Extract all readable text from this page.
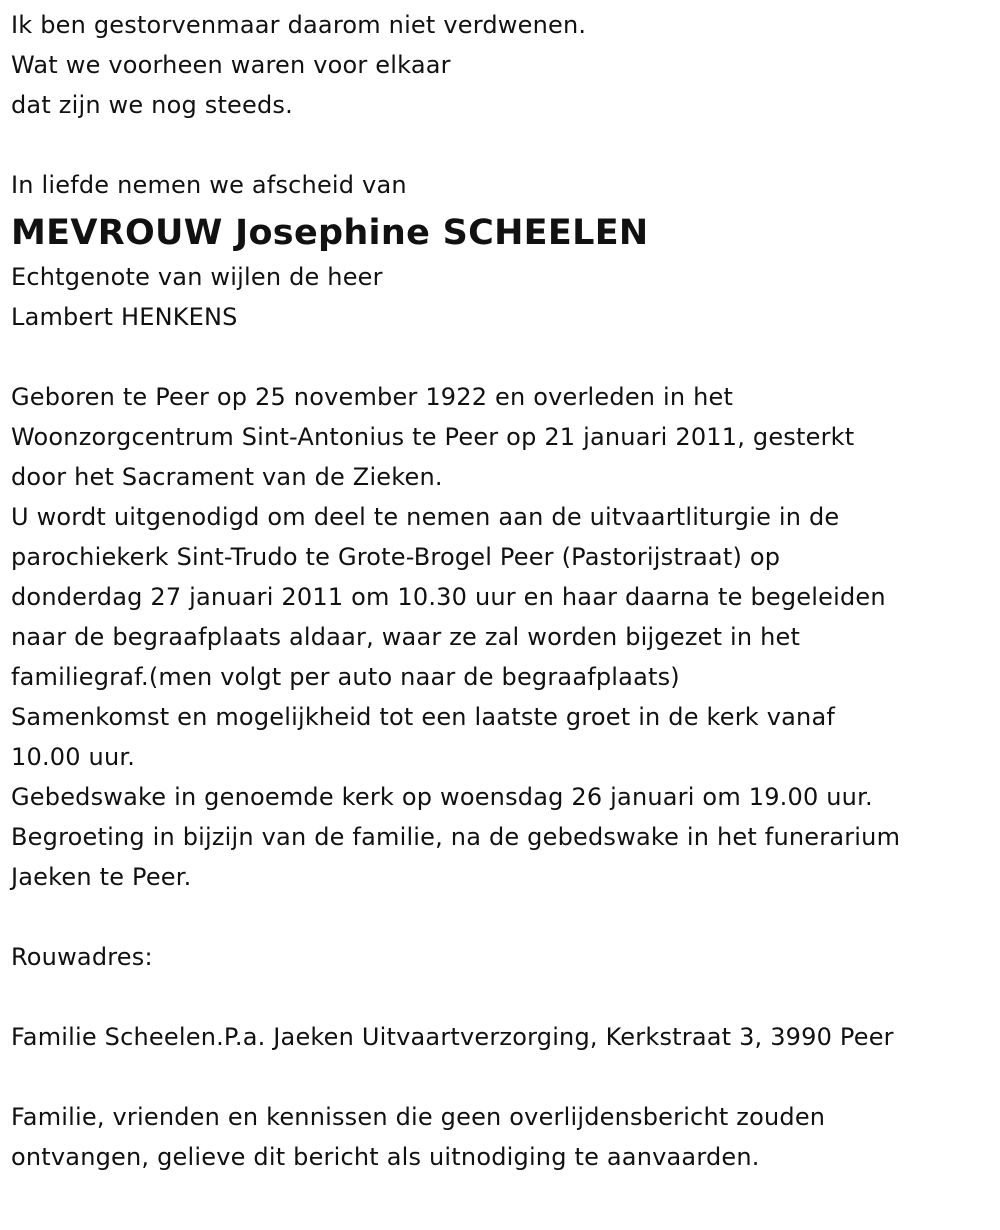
Ik ben gestorvenmaar daarom niet verdwenen.
Wat we voorheen waren voor elkaar
dat zijn we nog steeds.
In liefde nemen we afscheid van
MEVROUW Josephine SCHEELEN
Echtgenote van wijlen de heer
Lambert HENKENS
Geboren te Peer op 25 november 1922 en overleden in het
Woonzorgcentrum Sint-Antonius te Peer op 21 januari 2011, gesterkt
door het Sacrament van de Zieken.
U wordt uitgenodigd om deel te nemen aan de uitvaartliturgie in de
parochiekerk Sint-Trudo te Grote-Brogel Peer (Pastorijstraat) op
donderdag 27 januari 2011 om 10.30 uur en haar daarna te begeleiden
naar de begraafplaats aldaar, waar ze zal worden bijgezet in het
familiegraf.(men volgt per auto naar de begraafplaats)
Samenkomst en mogelijkheid tot een laatste groet in de kerk vanaf
10.00 uur.
Gebedswake in genoemde kerk op woensdag 26 januari om 19.00 uur.
Begroeting in bijzijn van de familie, na de gebedswake in het funerarium
Jaeken te Peer.
Rouwadres:
Familie Scheelen.P.a. Jaeken Uitvaartverzorging, Kerkstraat 3, 3990 Peer
Familie, vrienden en kennissen die geen overlijdensbericht zouden
ontvangen, gelieve dit bericht als uitnodiging te aanvaarden.
